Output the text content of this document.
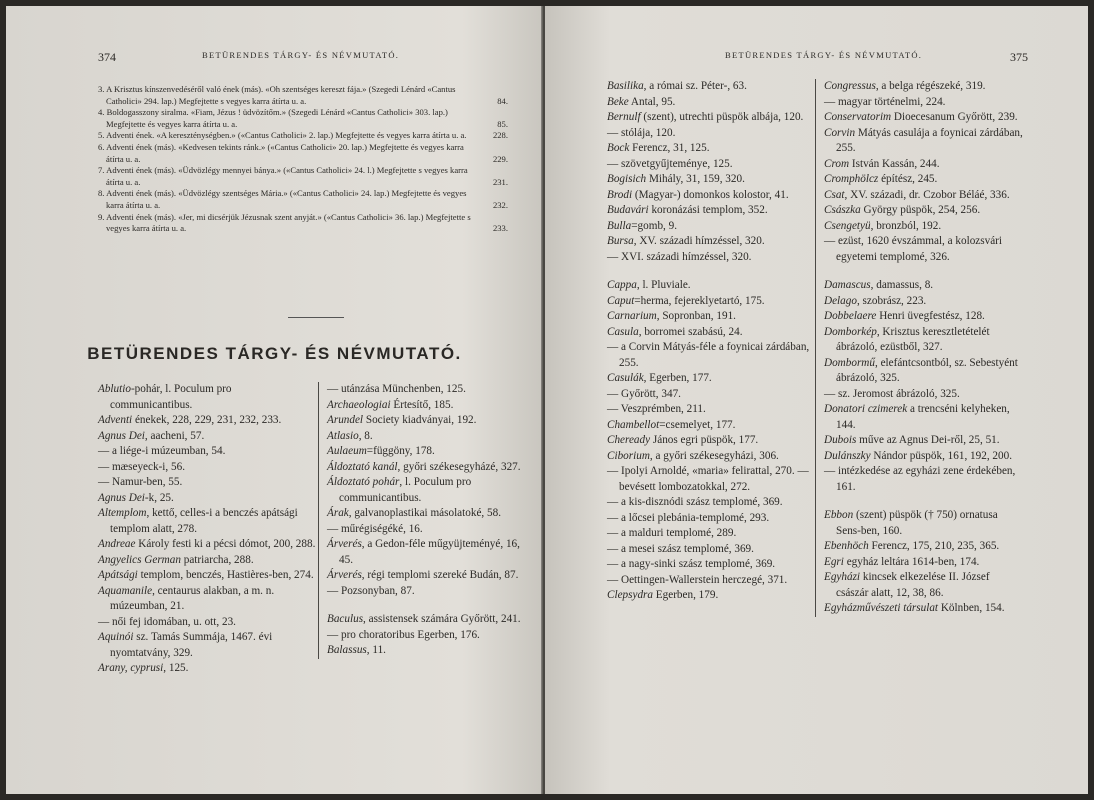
374	BETÜRENDES TÁRGY- ÉS NÉVMUTATÓ.
3. A Krisztus kínszenvedéséről való ének (más). «Oh szentséges kereszt fája.» (Szegedi Lénárd «Cantus Catholici» 294. lap.) Megfejtette s vegyes karra átírta u. a.	84.
4. Boldogasszony siralma. «Fiam, Jézus ! üdvözítőm.» (Szegedi Lénárd «Cantus Catholici» 303. lap.) Megfejtette és vegyes karra átírta u. a.	85.
5. Adventi ének. «A kereszténységben.» («Cantus Catholici» 2. lap.) Megfejtette és vegyes karra átírta u. a.	228.
6. Adventi ének (más). «Kedvesen tekints ránk.» («Cantus Catholici» 20. lap.) Megfejtette és vegyes karra átírta u. a.	229.
7. Adventi ének (más). «Üdvözlégy mennyei bánya.» («Cantus Catholici» 24. l.) Megfejtette s vegyes karra átírta u. a.	231.
8. Adventi ének (más). «Üdvözlégy szentséges Mária.» («Cantus Catholici» 24. lap.) Megfejtette és vegyes karra átírta u. a.	232.
9. Adventi ének (más). «Jer, mi dicsérjük Jézusnak szent anyját.» («Cantus Catholici» 36. lap.) Megfejtette s vegyes karra átírta u. a.	233.
BETÜRENDES TÁRGY- ÉS NÉVMUTATÓ.
Ablutio-pohár, l. Poculum pro communicantibus.
Adventi énekek, 228, 229, 231, 232, 233.
Agnus Dei, aacheni, 57.
— a liége-i múzeumban, 54.
— mæseyeck-i, 56.
— Namur-ben, 55.
Agnus Dei-k, 25.
Altemplom, kettő, celles-i a benczés apátsági templom alatt, 278.
Andreae Károly festi ki a pécsi dómot, 200, 288.
Angyelics German patriarcha, 288.
Apátsági templom, benczés, Hastières-ben, 274.
Aquamanile, centaurus alakban, a m. n. múzeumban, 21.
— női fej idomában, u. ott, 23.
Aquinói sz. Tamás Summája, 1467. évi nyomtatvány, 329.
Arany, cyprusi, 125.
— utánzása Münchenben, 125.
Archaeologiai Értesítő, 185.
Arundel Society kiadványai, 192.
Atlasio, 8.
Aulaeum=függöny, 178.
Áldoztató kanál, győri székesegyházé, 327.
Áldoztató pohár, l. Poculum pro communicantibus.
Árak, galvanoplastikai másolatoké, 58.
— műrégiségéké, 16.
Árverés, a Gedon-féle műgyüjteményé, 16, 45.
Árverés, régi templomi szereké Budán, 87.
— Pozsonyban, 87.
Baculus, assistensek számára Győrött, 241.
— pro choratoribus Egerben, 176.
Balassus, 11.
BETÜRENDES TÁRGY- ÉS NÉVMUTATÓ.	375
Basilika, a római sz. Péter-, 63.
Beke Antal, 95.
Bernulf (szent), utrechti püspök albája, 120.
— stólája, 120.
Bock Ferencz, 31, 125.
— szövetgyűjteménye, 125.
Bogisich Mihály, 31, 159, 320.
Brodi (Magyar-) domonkos kolostor, 41.
Budavári koronázási templom, 352.
Bulla=gomb, 9.
Bursa, XV. századi hímzéssel, 320.
— XVI. századi hímzéssel, 320.
Cappa, l. Pluviale.
Caput=herma, fejereklyetartó, 175.
Carnarium, Sopronban, 191.
Casula, borromei szabású, 24.
— a Corvin Mátyás-féle a foynicai zárdában, 255.
Casulák, Egerben, 177.
— Győrött, 347.
— Veszprémben, 211.
Chambellot=csemelyet, 177.
Cheready János egri püspök, 177.
Ciborium, a győri székesegyházi, 306.
— Ipolyi Arnoldé, «maria» felirattal, 270. — bevésett lombozatokkal, 272.
— a kis-disznódi szász templomé, 369.
— a lőcsei plebánia-templomé, 293.
— a malduri templomé, 289.
— a mesei szász templomé, 369.
— a nagy-sinki szász templomé, 369.
— Oettingen-Wallerstein herczegé, 371.
Clepsydra Egerben, 179.
Congressus, a belga régészeké, 319.
— magyar történelmi, 224.
Conservatorim Dioecesanum Győrött, 239.
Corvin Mátyás casulája a foynicai zárdában, 255.
Crom István Kassán, 244.
Cromphölcz építész, 245.
Csat, XV. századi, dr. Czobor Béláé, 336.
Császka György püspök, 254, 256.
Csengetyü, bronzból, 192.
— ezüst, 1620 évszámmal, a kolozsvári egyetemi templomé, 326.
Damascus, damassus, 8.
Delago, szobrász, 223.
Dobbelaere Henri üvegfestész, 128.
Domborkép, Krisztus keresztletételét ábrázoló, ezüstből, 327.
Dombormű, elefántcsontból, sz. Sebestyént ábrázoló, 325.
— sz. Jeromost ábrázoló, 325.
Donatori czimerek a trencséni kelyheken, 144.
Dubois műve az Agnus Dei-ről, 25, 51.
Dulánszky Nándor püspök, 161, 192, 200.
— intézkedése az egyházi zene érdekében, 161.
Ebbon (szent) püspök († 750) ornatusa Sens-ben, 160.
Ebenhöch Ferencz, 175, 210, 235, 365.
Egri egyház leltára 1614-ben, 174.
Egyházi kincsek elkezelése II. József császár alatt, 12, 38, 86.
Egyházművészeti társulat Kölnben, 154.
